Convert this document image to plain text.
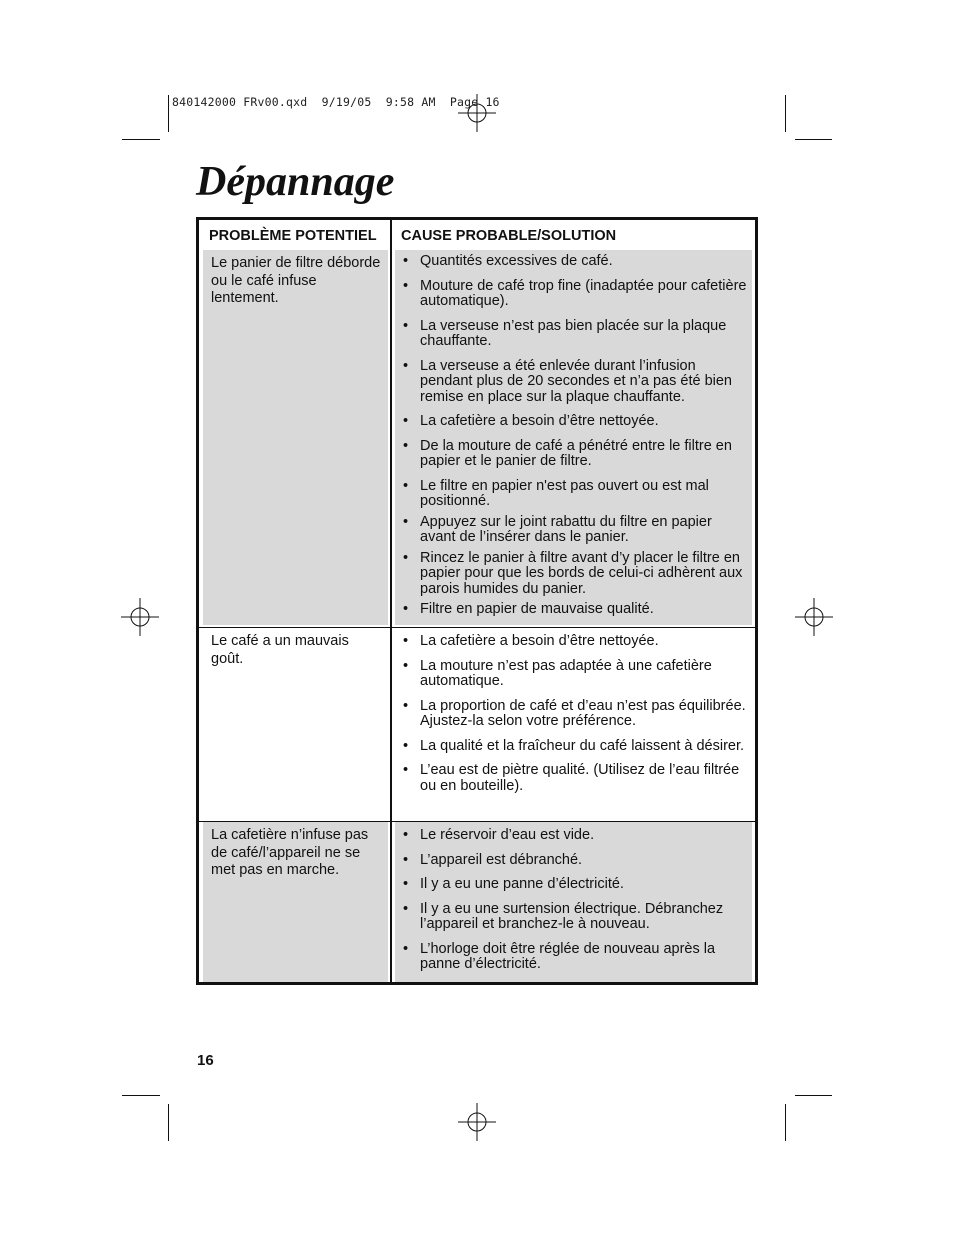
840142000 FRv00.qxd  9/19/05  9:58 AM  Page 16
Dépannage
PROBLÈME POTENTIEL CAUSE PROBABLE/SOLUTION
Le panier de filtre déborde ou le café infuse lentement.
• Quantités excessives de café.
• Mouture de café trop fine (inadaptée pour cafetière automatique).
• La verseuse n’est pas bien placée sur la plaque chauffante.
• La verseuse a été enlevée durant l’infusion pendant plus de 20 secondes et n’a pas été bien remise en place sur la plaque chauffante.
• La cafetière a besoin d’être nettoyée.
• De la mouture de café a pénétré entre le filtre en papier et le panier de filtre.
• Le filtre en papier n'est pas ouvert ou est mal positionné.
• Appuyez sur le joint rabattu du filtre en papier avant de l’insérer dans le panier.
• Rincez le panier à filtre avant d’y placer le filtre en papier pour que les bords de celui-ci adhèrent aux parois humides du panier.
• Filtre en papier de mauvaise qualité.
Le café a un mauvais goût.
• La cafetière a besoin d’être nettoyée.
• La mouture n’est pas adaptée à une cafetière automatique.
• La proportion de café et d’eau n’est pas équilibrée. Ajustez-la selon votre préférence.
• La qualité et la fraîcheur du café laissent à désirer.
• L’eau est de piètre qualité. (Utilisez de l’eau filtrée ou en bouteille).
La cafetière n’infuse pas de café/l’appareil ne se met pas en marche.
• Le réservoir d’eau est vide.
• L’appareil est débranché.
• Il y a eu une panne d’électricité.
• Il y a eu une surtension électrique. Débranchez l’appareil et branchez-le à nouveau.
• L’horloge doit être réglée de nouveau après la panne d’électricité.
16
